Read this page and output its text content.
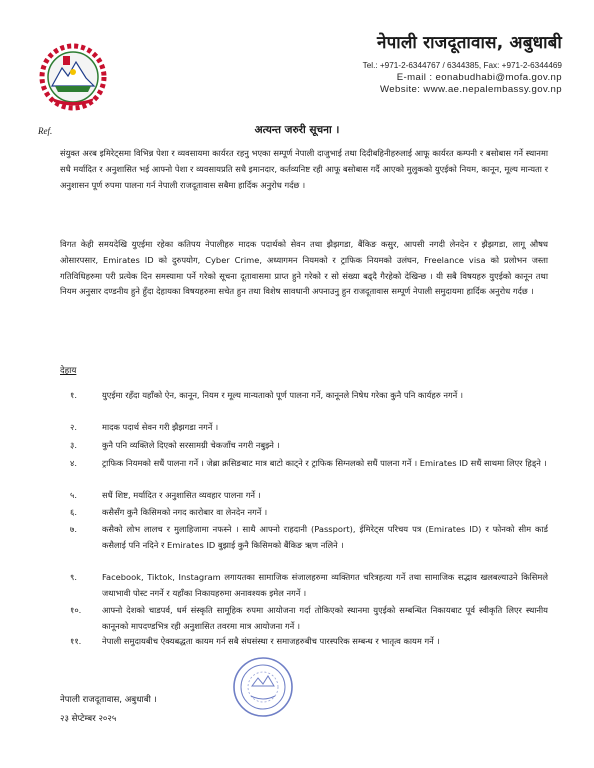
नेपाली राजदूतावास, अबुधाबी
Tel.: +971-2-6344767 / 6344385, Fax: +971-2-6344469
E-mail : eonabudhabi@mofa.gov.np
Website: www.ae.nepalembassy.gov.np
Ref.	अत्यन्त जरुरी सूचना ।
संयुक्त अरब इमिरेट्समा विभिन्न पेशा र व्यवसायमा कार्यरत रहनु भएका सम्पूर्ण नेपाली दाजुभाई तथा दिदीबहिनीहरुलाई आफू कार्यरत कम्पनी र बसोबास गर्ने स्थानमा सधै मर्यादित र अनुशासित भई आफ्नो पेशा र व्यवसायप्रति सधै इमानदार, कर्तव्यनिष्ट रही आफू बसोबास गर्दै आएको मुलुकको युएईको नियम, कानून, मूल्य मान्यता र अनुशासन पूर्ण रुपमा पालना गर्न नेपाली राजदूतावास सबैमा हार्दिक अनुरोध गर्दछ ।
विगत केही समयदेखि युएईमा रहेका कतिपय नेपालीहरु मादक पदार्थको सेवन तथा झैझगडा, बैंकिङ कसुर, आपसी नगदी लेनदेन र झैझगडा, लागू औषध ओसारपसार, Emirates ID को दुरुपयोग, Cyber Crime, अध्यागमन नियमको र ट्राफिक नियमको उलंघन, Freelance visa को प्रलोभन जस्ता गतिविधिहरुमा परी प्रत्येक दिन समस्यामा पर्ने गरेको सूचना दूतावासमा प्राप्त हुने गरेको र सो संख्या बढ्दै गैरहेको देखिन्छ । यी सबै विषयहरु युएईको कानून तथा नियम अनुसार दण्डनीय हुने हुँदा देहायका विषयहरुमा सचेत हुन तथा विशेष सावधानी अपनाउनु हुन राजदूतावास सम्पूर्ण नेपाली समुदायमा हार्दिक अनुरोध गर्दछ ।
देहाय
१.	युएईमा रहँदा यहाँको ऐन, कानून, नियम र मूल्य मान्यताको पूर्ण पालना गर्ने, कानूनले निषेध गरेका कुनै पनि कार्यहरु नगर्ने ।
२.	मादक पदार्थ सेवन गरी झैझगडा नगर्ने ।
३.	कुनै पनि व्यक्तिले दिएको सरसामग्री चेकजाँच नगरी नबुझ्ने ।
४.	ट्राफिक नियमको सधैं पालना गर्ने । जेब्रा क्रसिङबाट मात्र बाटो काट्ने र ट्राफिक सिग्नलको सधैं पालना गर्ने । Emirates ID सधैं साथमा लिएर हिड्ने ।
५.	सधैं शिष्ट, मर्यादित र अनुशासित व्यवहार पालना गर्ने ।
६.	कसैसँग कुनै किसिमको नगद कारोबार वा लेनदेन नगर्ने ।
७.	कसैको लोभ लालच र मुलाहिजामा नफस्ने । साथै आफ्नो राहदानी (Passport), ईमिरेट्स परिचय पत्र (Emirates ID) र फोनको सीम कार्ड कसैलाई पनि नदिने र Emirates ID बुझाई कुनै किसिमको बैंकिङ ऋण नलिने ।
९.	Facebook, Tiktok, Instagram लगायतका सामाजिक संजालहरुमा व्यक्तिगत चरित्रहत्या गर्ने तथा सामाजिक सद्भाव खलबल्याउने किसिमले जथाभावी पोस्ट नगर्ने र यहाँका निकायहरुमा अनावश्यक इमेल नगर्ने ।
१०.	आफ्नो देशको चाडपर्व, धर्म संस्कृति सामूहिक रुपमा आयोजना गर्दा तोकिएको स्थानमा युएईको सम्बन्धित निकायबाट पूर्व स्वीकृति लिएर स्थानीय कानूनको मापदण्डभित्र रही अनुशासित तवरमा मात्र आयोजना गर्ने ।
११.	नेपाली समुदायबीच ऐक्यबद्धता कायम गर्न सबै संघसंस्था र समाजहरुबीच पारस्परिक सम्बन्ध र भातृत्व कायम गर्ने ।
नेपाली राजदूतावास, अबुधाबी ।
२३ सेप्टेम्बर २०२५
